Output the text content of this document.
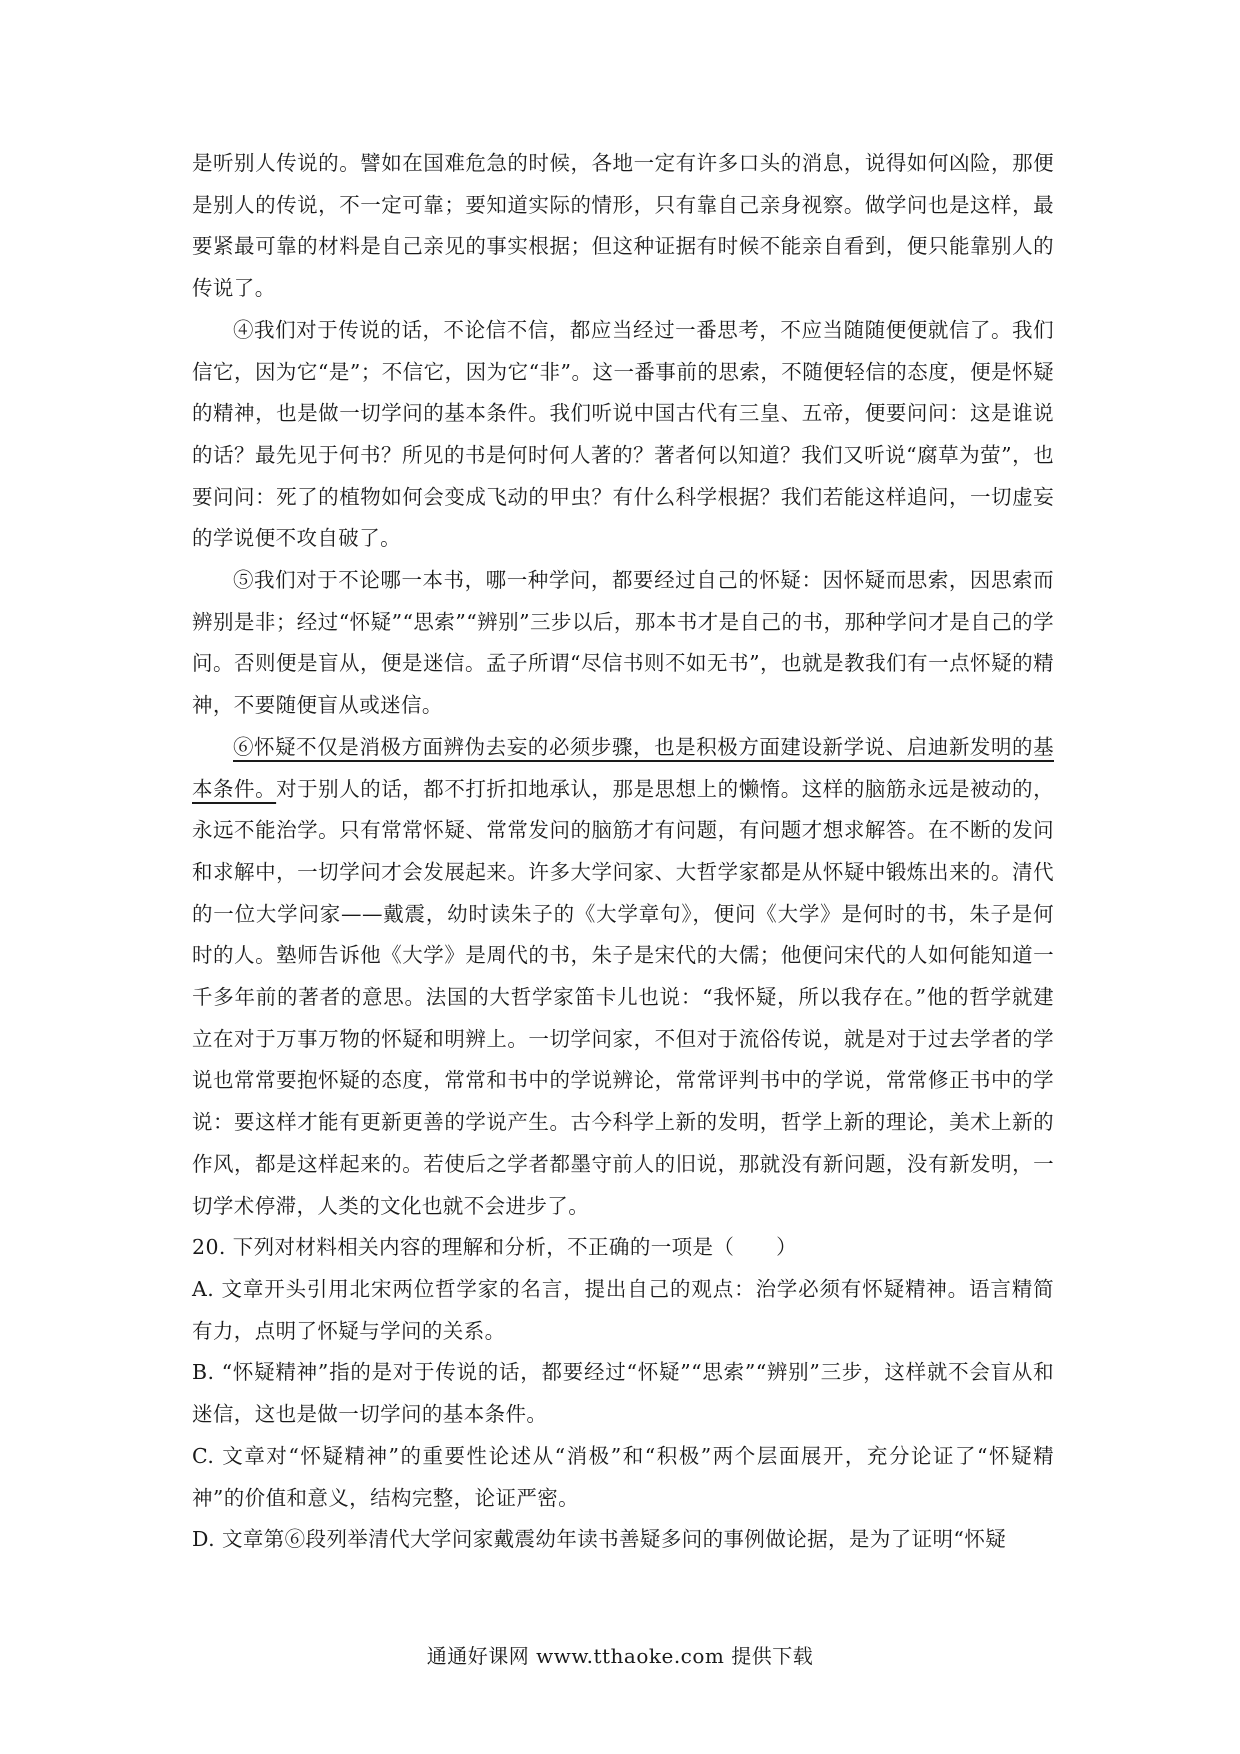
是听别人传说的。譬如在国难危急的时候，各地一定有许多口头的消息，说得如何凶险，那便是别人的传说，不一定可靠；要知道实际的情形，只有靠自己亲身视察。做学问也是这样，最要紧最可靠的材料是自己亲见的事实根据；但这种证据有时候不能亲自看到，便只能靠别人的传说了。

④我们对于传说的话，不论信不信，都应当经过一番思考，不应当随随便便就信了。我们信它，因为它“是”；不信它，因为它“非”。这一番事前的思索，不随便轻信的态度，便是怀疑的精神，也是做一切学问的基本条件。我们听说中国古代有三皇、五帝，便要问问：这是谁说的话？最先见于何书？所见的书是何时何人著的？著者何以知道？我们又听说“腐草为萤”，也要问问：死了的植物如何会变成飞动的甲虫？有什么科学根据？我们若能这样追问，一切虚妄的学说便不攻自破了。

⑤我们对于不论哪一本书，哪一种学问，都要经过自己的怀疑：因怀疑而思索，因思索而辨别是非；经过“怀疑”“思索”“辨别”三步以后，那本书才是自己的书，那种学问才是自己的学问。否则便是盲从，便是迷信。孟子所谓“尽信书则不如无书”，也就是教我们有一点怀疑的精神，不要随便盲从或迷信。

⑥怀疑不仅是消极方面辨伪去妄的必须步骤，也是积极方面建设新学说、启迪新发明的基本条件。对于别人的话，都不打折扣地承认，那是思想上的懒惰。这样的脑筋永远是被动的，永远不能治学。只有常常怀疑、常常发问的脑筋才有问题，有问题才想求解答。在不断的发问和求解中，一切学问才会发展起来。许多大学问家、大哲学家都是从怀疑中锻炼出来的。清代的一位大学问家——戴震，幼时读朱子的《大学章句》，便问《大学》是何时的书，朱子是何时的人。塾师告诉他《大学》是周代的书，朱子是宋代的大儒；他便问宋代的人如何能知道一千多年前的著者的意思。法国的大哲学家笛卡儿也说：“我怀疑，所以我存在。”他的哲学就建立在对于万事万物的怀疑和明辨上。一切学问家，不但对于流俗传说，就是对于过去学者的学说也常常要抱怀疑的态度，常常和书中的学说辨论，常常评判书中的学说，常常修正书中的学说：要这样才能有更新更善的学说产生。古今科学上新的发明，哲学上新的理论，美术上新的作风，都是这样起来的。若使后之学者都墨守前人的旧说，那就没有新问题，没有新发明，一切学术停滞，人类的文化也就不会进步了。

20. 下列对材料相关内容的理解和分析，不正确的一项是（　　）

A. 文章开头引用北宋两位哲学家的名言，提出自己的观点：治学必须有怀疑精神。语言精简有力，点明了怀疑与学问的关系。

B. “怀疑精神”指的是对于传说的话，都要经过“怀疑”“思索”“辨别”三步，这样就不会盲从和迷信，这也是做一切学问的基本条件。

C. 文章对“怀疑精神”的重要性论述从“消极”和“积极”两个层面展开，充分论证了“怀疑精神”的价值和意义，结构完整，论证严密。

D. 文章第⑥段列举清代大学问家戴震幼年读书善疑多问的事例做论据，是为了证明“怀疑

通通好课网 www.tthaoke.com 提供下载
